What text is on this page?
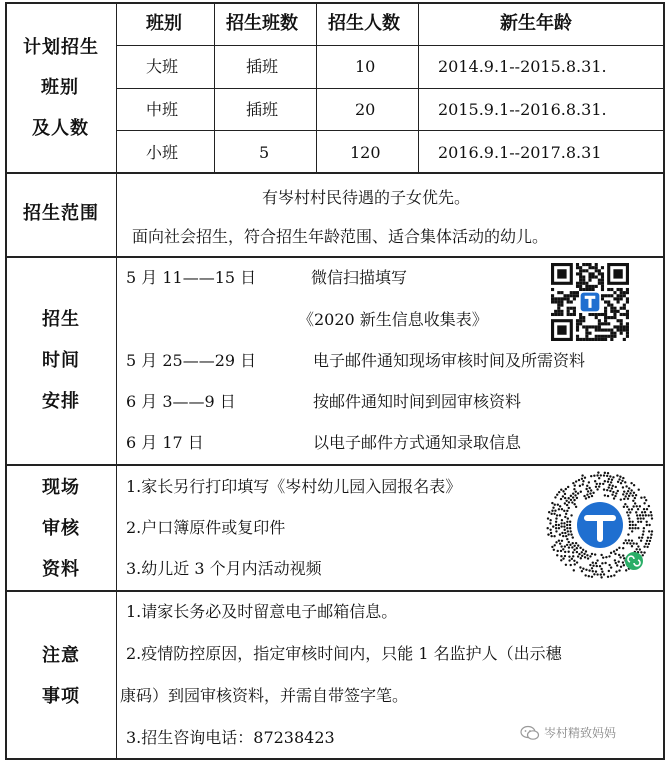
计划招生
班别
及人数
班别 招生班数 招生人数	新生年龄
大班	插班	10	2014.9.1--2015.8.31.
中班	插班	20	2015.9.1--2016.8.31.
小班	5	120	2016.9.1--2017.8.31
招生范围
有岑村村民待遇的子女优先。
面向社会招生，符合招生年龄范围、适合集体活动的幼儿。
招生
时间
安排
5 月 11——15 日	微信扫描填写
《2020 新生信息收集表》
5 月 25——29 日	电子邮件通知现场审核时间及所需资料
6 月 3——9 日	按邮件通知时间到园审核资料
6 月 17 日	以电子邮件方式通知录取信息
现场
审核
资料
1.家长另行打印填写《岑村幼儿园入园报名表》
2.户口簿原件或复印件
3.幼儿近 3 个月内活动视频
注意
事项
1.请家长务必及时留意电子邮箱信息。
2.疫情防控原因，指定审核时间内，只能 1 名监护人（出示穗
康码）到园审核资料，并需自带签字笔。
3.招生咨询电话：87238423	岑村精致妈妈
